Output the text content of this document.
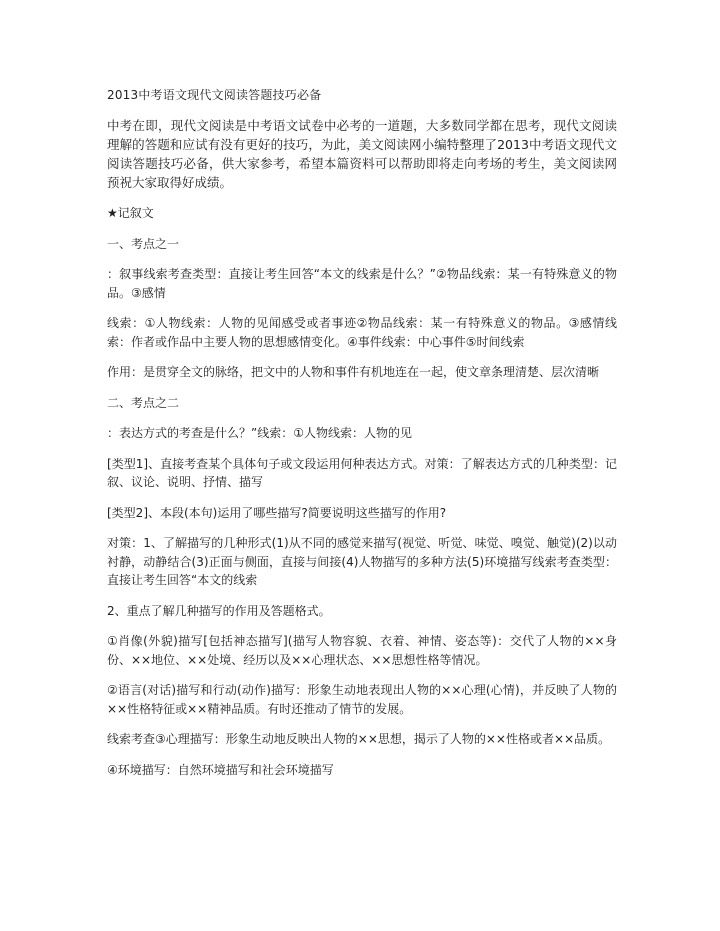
2013中考语文现代文阅读答题技巧必备
中考在即，现代文阅读是中考语文试卷中必考的一道题，大多数同学都在思考，现代文阅读理解的答题和应试有没有更好的技巧，为此，美文阅读网小编特整理了2013中考语文现代文阅读答题技巧必备，供大家参考，希望本篇资料可以帮助即将走向考场的考生，美文阅读网预祝大家取得好成绩。
★记叙文
一、考点之一
：叙事线索考查类型：直接让考生回答“本文的线索是什么？”②物品线索：某一有特殊意义的物品。③感情
线索：①人物线索：人物的见闻感受或者事迹②物品线索：某一有特殊意义的物品。③感情线索：作者或作品中主要人物的思想感情变化。④事件线索：中心事件⑤时间线索
作用：是贯穿全文的脉络，把文中的人物和事件有机地连在一起，使文章条理清楚、层次清晰
二、考点之二
：表达方式的考查是什么？”线索：①人物线索：人物的见
[类型1]、直接考查某个具体句子或文段运用何种表达方式。对策：了解表达方式的几种类型：记叙、议论、说明、抒情、描写
[类型2]、本段(本句)运用了哪些描写?简要说明这些描写的作用?
对策：1、了解描写的几种形式(1)从不同的感觉来描写(视觉、听觉、味觉、嗅觉、触觉)(2)以动衬静，动静结合(3)正面与侧面，直接与间接(4)人物描写的多种方法(5)环境描写线索考查类型：直接让考生回答“本文的线索
2、重点了解几种描写的作用及答题格式。
①肖像(外貌)描写[包括神态描写](描写人物容貌、衣着、神情、姿态等)：交代了人物的××身份、××地位、××处境、经历以及××心理状态、××思想性格等情况。
②语言(对话)描写和行动(动作)描写：形象生动地表现出人物的××心理(心情)，并反映了人物的××性格特征或××精神品质。有时还推动了情节的发展。
线索考查③心理描写：形象生动地反映出人物的××思想，揭示了人物的××性格或者××品质。
④环境描写：自然环境描写和社会环境描写
